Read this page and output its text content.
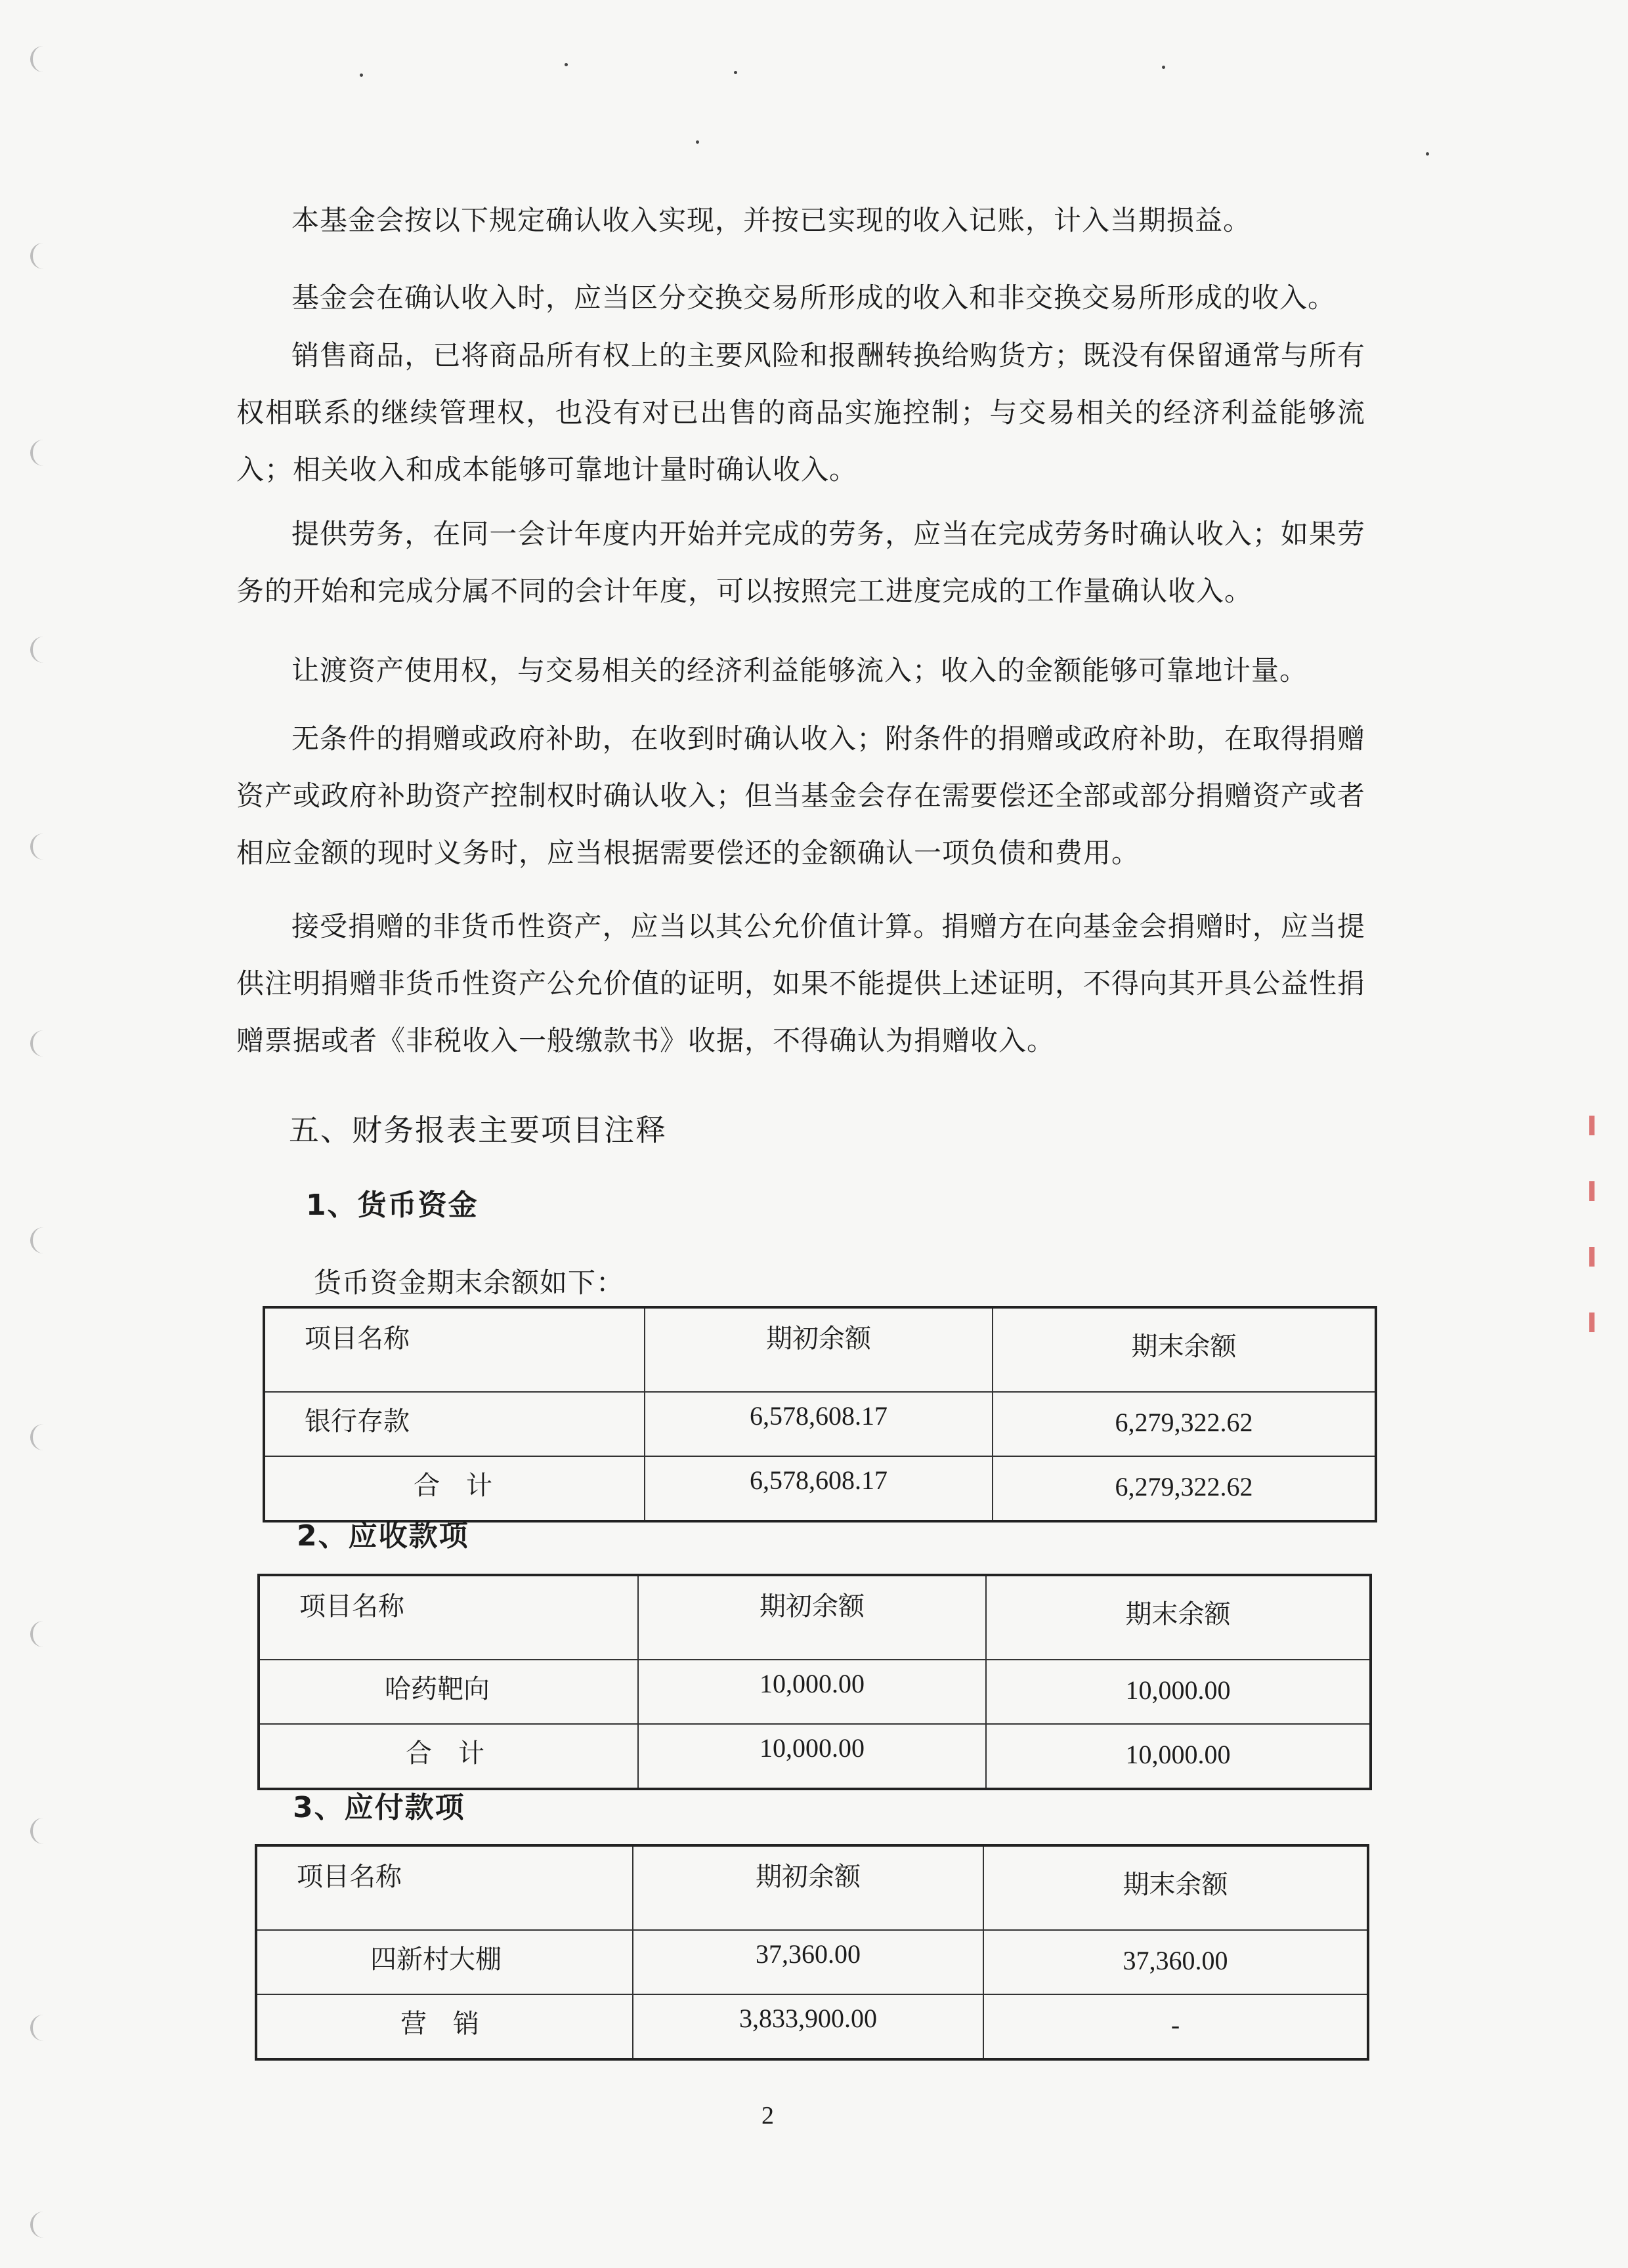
本基金会按以下规定确认收入实现，并按已实现的收入记账，计入当期损益。

基金会在确认收入时，应当区分交换交易所形成的收入和非交换交易所形成的收入。

销售商品，已将商品所有权上的主要风险和报酬转换给购货方；既没有保留通常与所有权相联系的继续管理权，也没有对已出售的商品实施控制；与交易相关的经济利益能够流入；相关收入和成本能够可靠地计量时确认收入。

提供劳务，在同一会计年度内开始并完成的劳务，应当在完成劳务时确认收入；如果劳务的开始和完成分属不同的会计年度，可以按照完工进度完成的工作量确认收入。

让渡资产使用权，与交易相关的经济利益能够流入；收入的金额能够可靠地计量。

无条件的捐赠或政府补助，在收到时确认收入；附条件的捐赠或政府补助，在取得捐赠资产或政府补助资产控制权时确认收入；但当基金会存在需要偿还全部或部分捐赠资产或者相应金额的现时义务时，应当根据需要偿还的金额确认一项负债和费用。

接受捐赠的非货币性资产，应当以其公允价值计算。捐赠方在向基金会捐赠时，应当提供注明捐赠非货币性资产公允价值的证明，如果不能提供上述证明，不得向其开具公益性捐赠票据或者《非税收入一般缴款书》收据，不得确认为捐赠收入。

五、财务报表主要项目注释
1、货币资金
货币资金期末余额如下：
项目名称	期初余额	期末余额
银行存款	6,578,608.17	6,279,322.62
合　计	6,578,608.17	6,279,322.62
2、应收款项
项目名称	期初余额	期末余额
哈药靶向	10,000.00	10,000.00
合　计	10,000.00	10,000.00
3、应付款项
项目名称	期初余额	期末余额
四新村大棚	37,360.00	37,360.00
营　销	3,833,900.00	-
2
